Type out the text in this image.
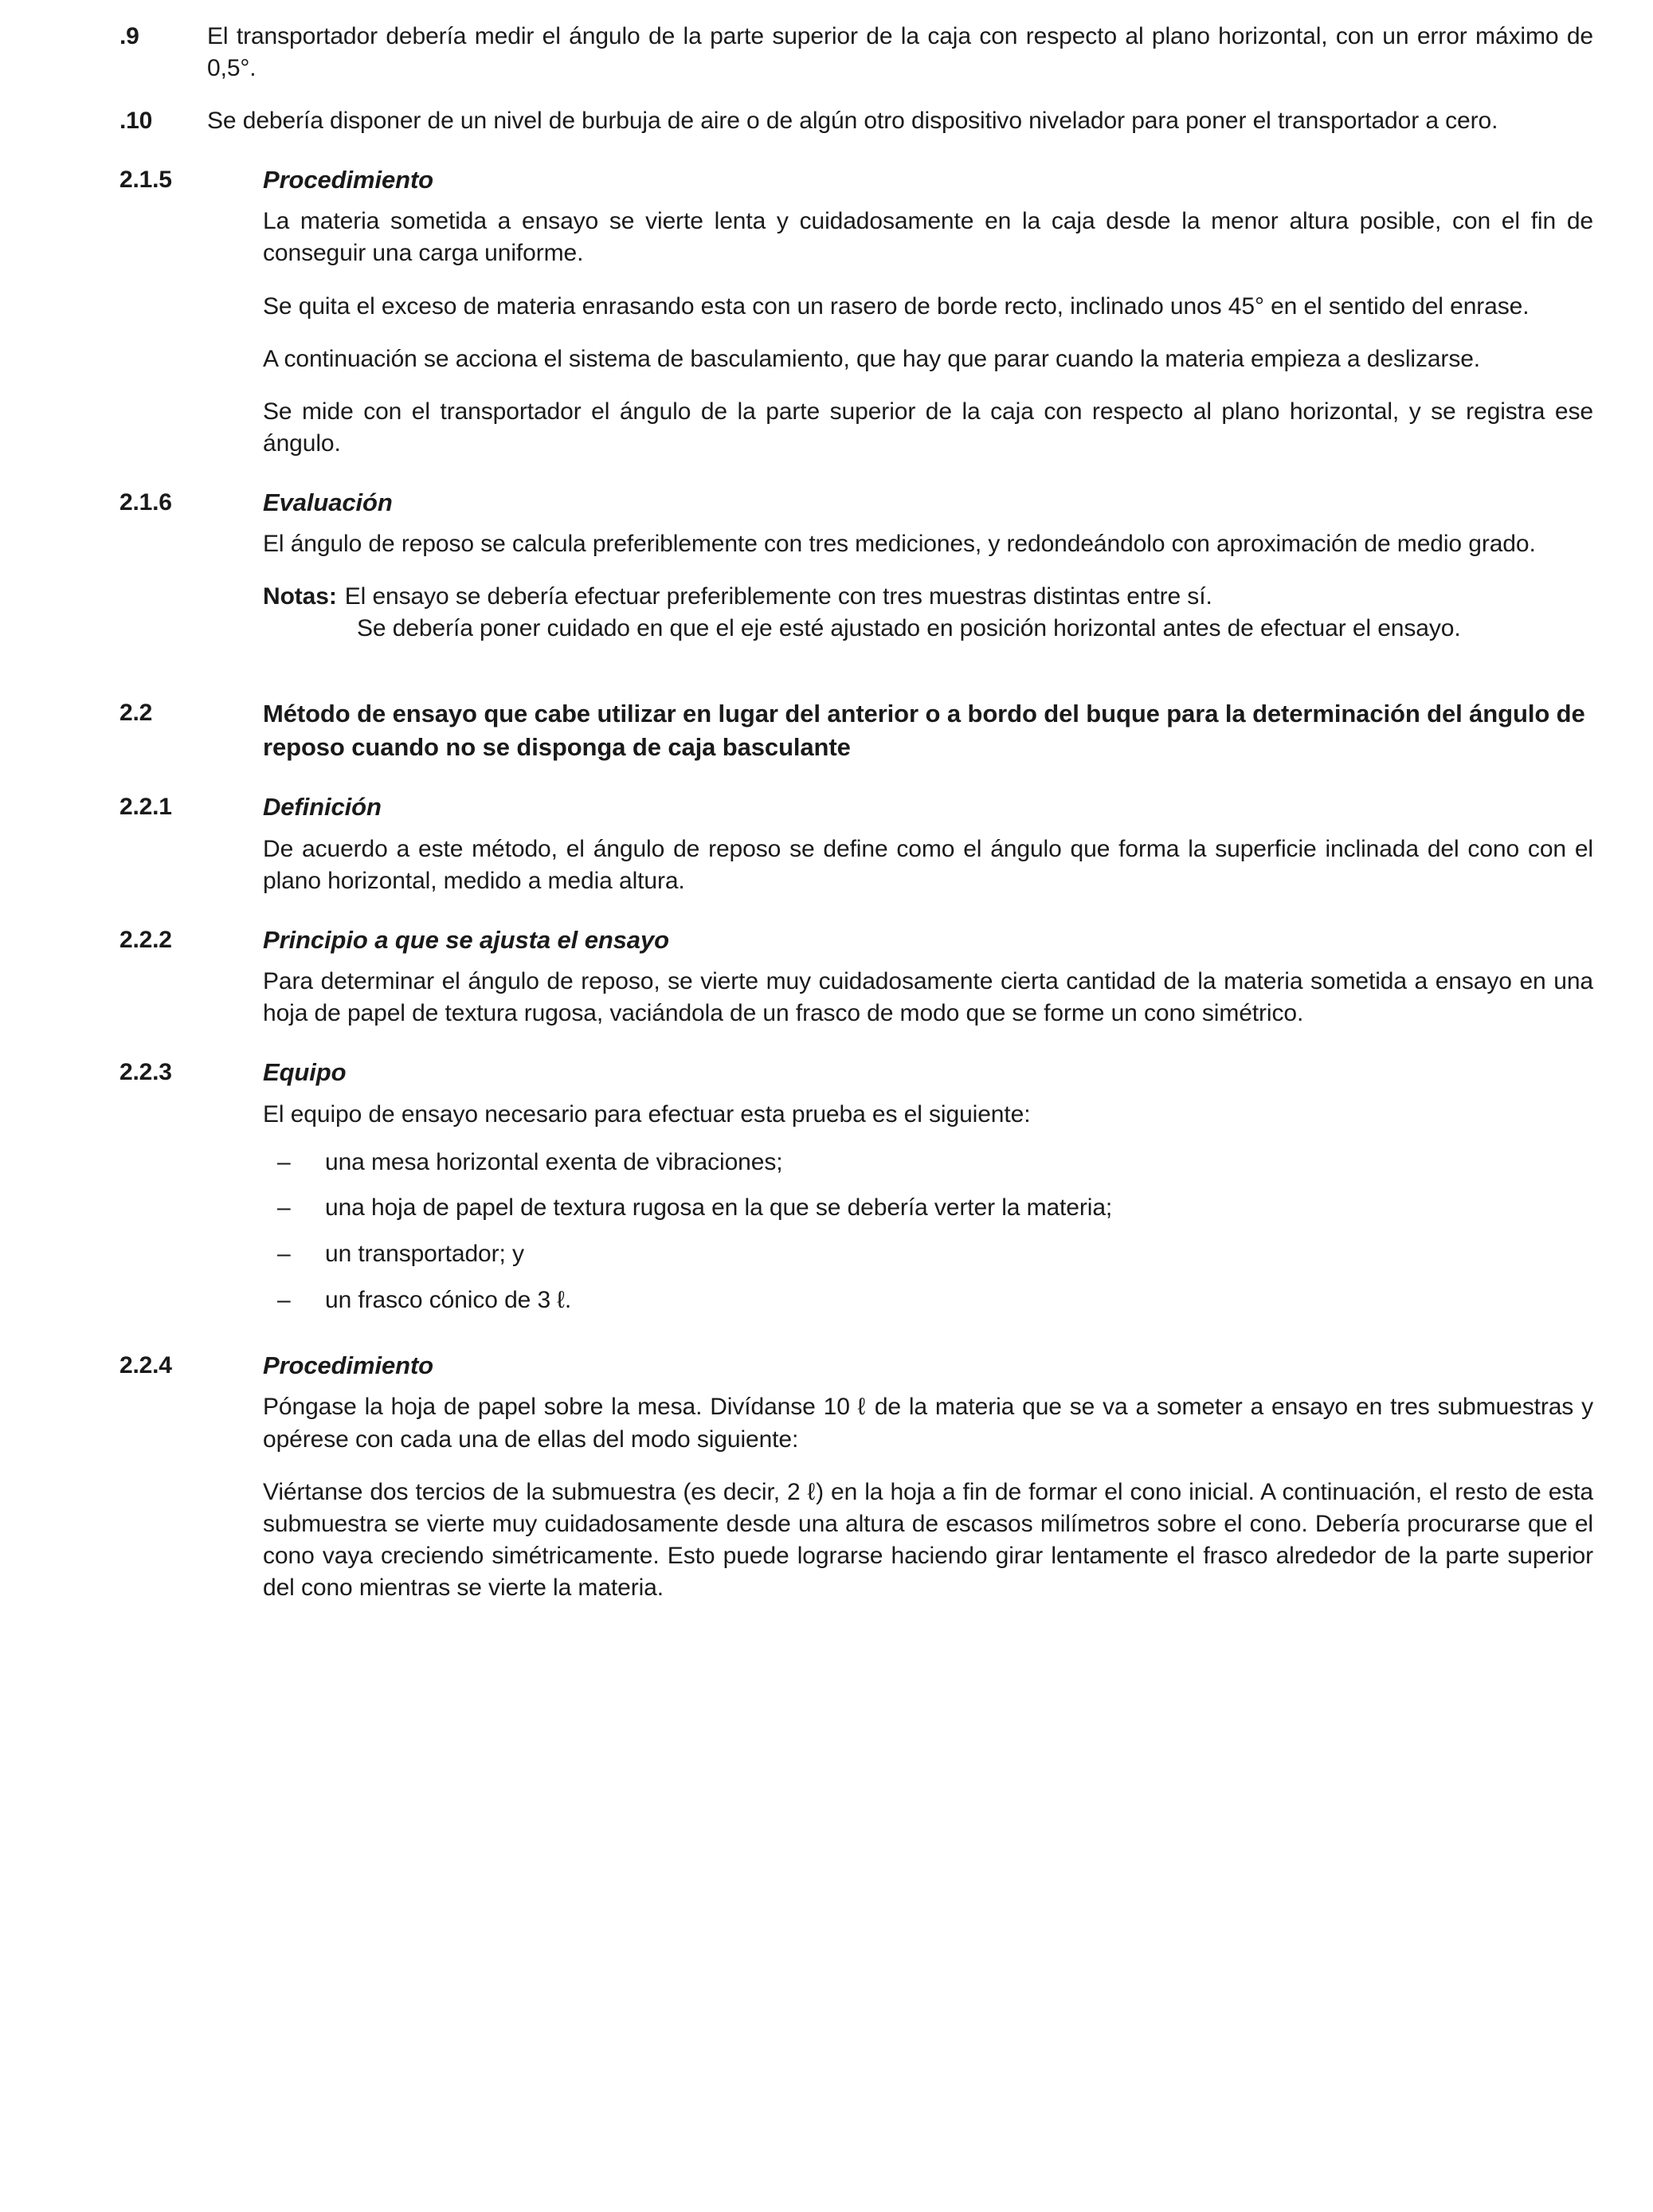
.9	El transportador debería medir el ángulo de la parte superior de la caja con respecto al plano horizontal, con un error máximo de 0,5°.
.10	Se debería disponer de un nivel de burbuja de aire o de algún otro dispositivo nivelador para poner el transportador a cero.
2.1.5	Procedimiento
La materia sometida a ensayo se vierte lenta y cuidadosamente en la caja desde la menor altura posible, con el fin de conseguir una carga uniforme.
Se quita el exceso de materia enrasando esta con un rasero de borde recto, inclinado unos 45° en el sentido del enrase.
A continuación se acciona el sistema de basculamiento, que hay que parar cuando la materia empieza a deslizarse.
Se mide con el transportador el ángulo de la parte superior de la caja con respecto al plano horizontal, y se registra ese ángulo.
2.1.6	Evaluación
El ángulo de reposo se calcula preferiblemente con tres mediciones, y redondeándolo con aproximación de medio grado.
Notas: El ensayo se debería efectuar preferiblemente con tres muestras distintas entre sí.
Se debería poner cuidado en que el eje esté ajustado en posición horizontal antes de efectuar el ensayo.
2.2	Método de ensayo que cabe utilizar en lugar del anterior o a bordo del buque para la determinación del ángulo de reposo cuando no se disponga de caja basculante
2.2.1	Definición
De acuerdo a este método, el ángulo de reposo se define como el ángulo que forma la superficie inclinada del cono con el plano horizontal, medido a media altura.
2.2.2	Principio a que se ajusta el ensayo
Para determinar el ángulo de reposo, se vierte muy cuidadosamente cierta cantidad de la materia sometida a ensayo en una hoja de papel de textura rugosa, vaciándola de un frasco de modo que se forme un cono simétrico.
2.2.3	Equipo
El equipo de ensayo necesario para efectuar esta prueba es el siguiente:
–	una mesa horizontal exenta de vibraciones;
–	una hoja de papel de textura rugosa en la que se debería verter la materia;
–	un transportador; y
–	un frasco cónico de 3 ℓ.
2.2.4	Procedimiento
Póngase la hoja de papel sobre la mesa. Divídanse 10 ℓ de la materia que se va a someter a ensayo en tres submuestras y opérese con cada una de ellas del modo siguiente:
Viértanse dos tercios de la submuestra (es decir, 2 ℓ) en la hoja a fin de formar el cono inicial. A continuación, el resto de esta submuestra se vierte muy cuidadosamente desde una altura de escasos milímetros sobre el cono. Debería procurarse que el cono vaya creciendo simétricamente. Esto puede lograrse haciendo girar lentamente el frasco alrededor de la parte superior del cono mientras se vierte la materia.
